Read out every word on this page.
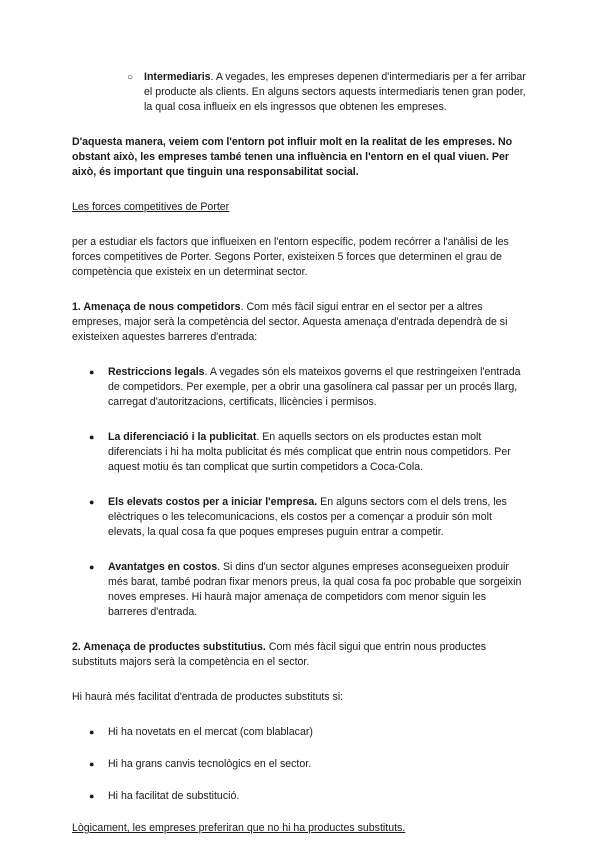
○ Intermediaris. A vegades, les empreses depenen d'intermediaris per a fer arribar el producte als clients. En alguns sectors aquests intermediaris tenen gran poder, la qual cosa influeix en els ingressos que obtenen les empreses.

D'aquesta manera, veiem com l'entorn pot influir molt en la realitat de les empreses. No obstant això, les empreses també tenen una influència en l'entorn en el qual viuen. Per això, és important que tinguin una responsabilitat social.

Les forces competitives de Porter

per a estudiar els factors que influeixen en l'entorn específic, podem recórrer a l'anàlisi de les forces competitives de Porter. Segons Porter, existeixen 5 forces que determinen el grau de competència que existeix en un determinat sector.

1. Amenaça de nous competidors. Com més fàcil sigui entrar en el sector per a altres empreses, major serà la competència del sector. Aquesta amenaça d'entrada dependrà de si existeixen aquestes barreres d'entrada:

● Restriccions legals. A vegades són els mateixos governs el que restringeixen l'entrada de competidors. Per exemple, per a obrir una gasolinera cal passar per un procés llarg, carregat d'autoritzacions, certificats, llicències i permisos.

● La diferenciació i la publicitat. En aquells sectors on els productes estan molt diferenciats i hi ha molta publicitat és més complicat que entrin nous competidors. Per aquest motiu és tan complicat que surtin competidors a Coca-Cola.

● Els elevats costos per a iniciar l'empresa. En alguns sectors com el dels trens, les elèctriques o les telecomunicacions, els costos per a començar a produir són molt elevats, la qual cosa fa que poques empreses puguin entrar a competir.

● Avantatges en costos. Si dins d'un sector algunes empreses aconsegueixen produir més barat, també podran fixar menors preus, la qual cosa fa poc probable que sorgeixin noves empreses. Hi haurà major amenaça de competidors com menor siguin les barreres d'entrada.

2. Amenaça de productes substitutius. Com més fàcil sigui que entrin nous productes substituts majors serà la competència en el sector.

Hi haurà més facilitat d'entrada de productes substituts si:

● Hi ha novetats en el mercat (com blablacar)

● Hi ha grans canvis tecnològics en el sector.

● Hi ha facilitat de substitució.

Lògicament, les empreses preferiran que no hi ha productes substituts.
